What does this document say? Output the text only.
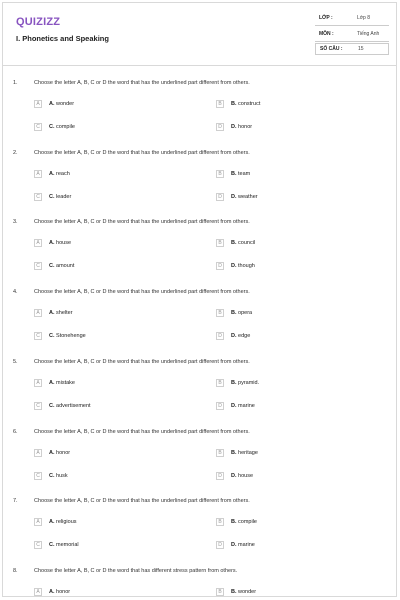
QUIZIZZ
I. Phonetics and Speaking
LỚP :	Lớp 8
MÔN :	Tiếng Anh
SỐ CÂU :	15
1.	Choose the letter A, B, C or D the word that has the underlined part different from others.
A	A. wonder	B	B. construct
C	C. compile	D	D. honor
2.	Choose the letter A, B, C or D the word that has the underlined part different from others.
A	A. reach	B	B. team
C	C. leader	D	D. weather
3.	Choose the letter A, B, C or D the word that has the underlined part different from others.
A	A. house	B	B. council
C	C. amount	D	D. though
4.	Choose the letter A, B, C or D the word that has the underlined part different from others.
A	A. shelter	B	B. opera
C	C. Stonehenge	D	D. edge
5.	Choose the letter A, B, C or D the word that has the underlined part different from others.
A	A. mistake	B	B. pyramid.
C	C. advertisement	D	D. marine
6.	Choose the letter A, B, C or D the word that has the underlined part different from others.
A	A. honor	B	B. heritage
C	C. husk	D	D. house
7.	Choose the letter A, B, C or D the word that has the underlined part different from others.
A	A. religious	B	B. compile
C	C. memorial	D	D. marine
8.	Choose the letter A, B, C or D the word that has different stress pattern from others.
A	A. honor	B	B. wonder
